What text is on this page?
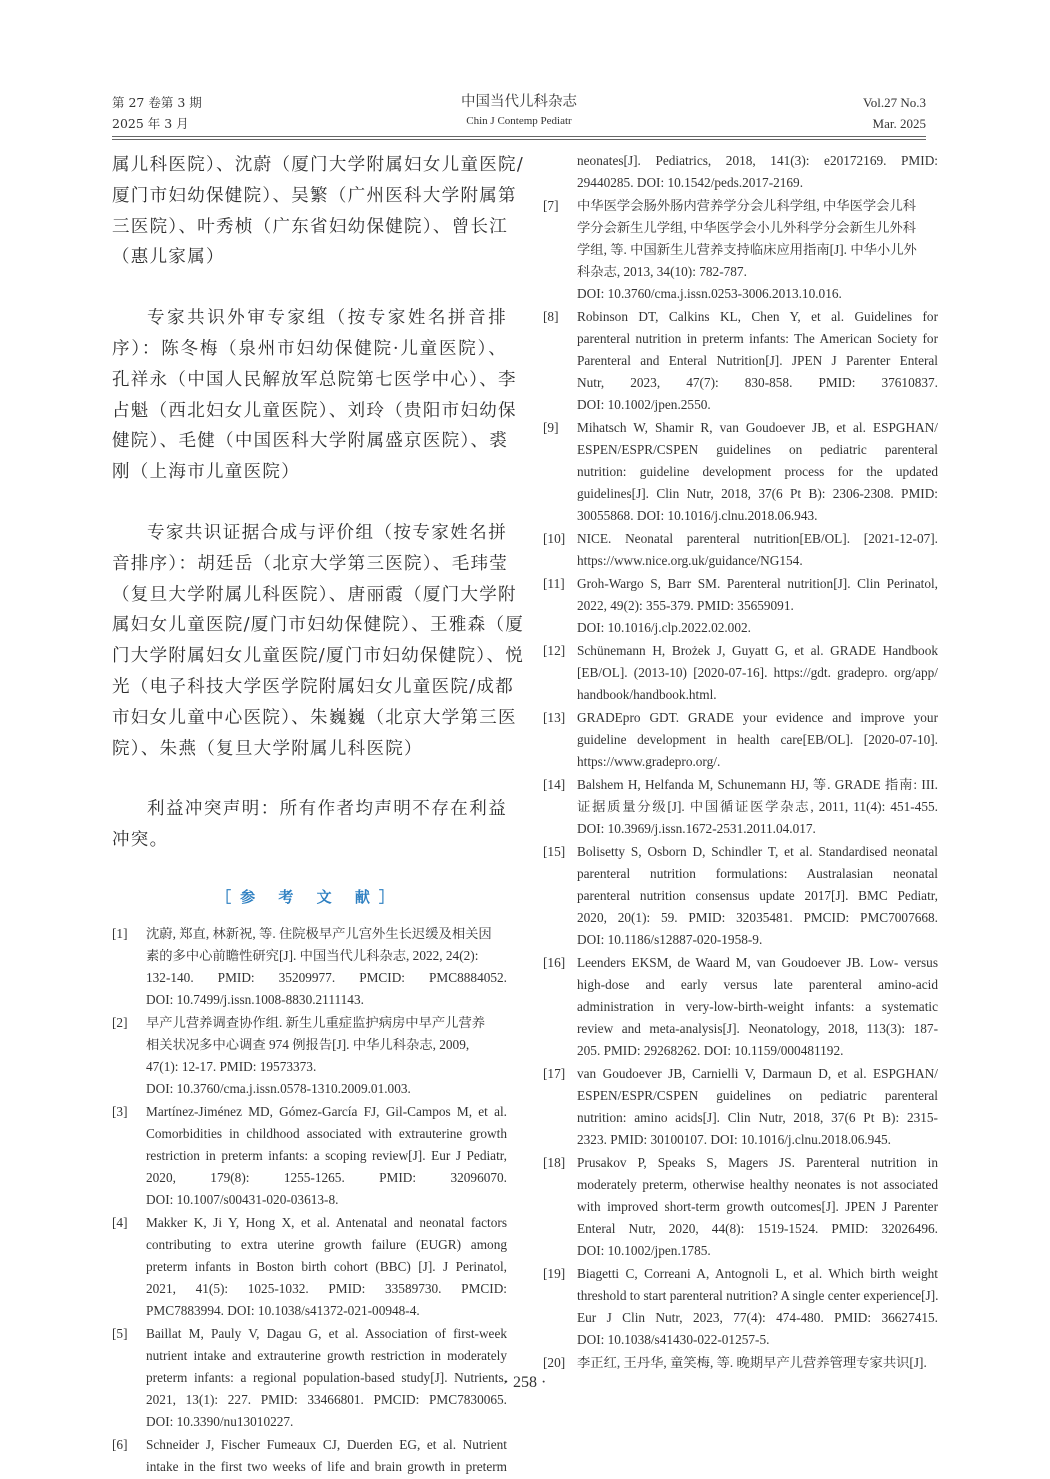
第 27 卷第 3 期
2025 年 3 月
中国当代儿科杂志
Chin J Contemp Pediatr
Vol.27 No.3
Mar. 2025
属儿科医院）、沈蔚（厦门大学附属妇女儿童医院/
厦门市妇幼保健院）、吴繁（广州医科大学附属第
三医院）、叶秀桢（广东省妇幼保健院）、曾长江
（惠儿家属）
专家共识外审专家组（按专家姓名拼音排
序）：陈冬梅（泉州市妇幼保健院·儿童医院）、
孔祥永（中国人民解放军总院第七医学中心）、李
占魁（西北妇女儿童医院）、刘玲（贵阳市妇幼保
健院）、毛健（中国医科大学附属盛京医院）、裘
刚（上海市儿童医院）
专家共识证据合成与评价组（按专家姓名拼
音排序）：胡廷岳（北京大学第三医院）、毛玮莹
（复旦大学附属儿科医院）、唐丽霞（厦门大学附
属妇女儿童医院/厦门市妇幼保健院）、王雅森（厦
门大学附属妇女儿童医院/厦门市妇幼保健院）、悦
光（电子科技大学医学院附属妇女儿童医院/成都
市妇女儿童中心医院）、朱巍巍（北京大学第三医
院）、朱燕（复旦大学附属儿科医院）
利益冲突声明：所有作者均声明不存在利益
冲突。
［参 考 文 献］
[1] 沈蔚, 郑直, 林新祝, 等. 住院极早产儿宫外生长迟缓及相关因
素的多中心前瞻性研究[J]. 中国当代儿科杂志, 2022, 24(2):
132-140. PMID: 35209977. PMCID: PMC8884052.
DOI: 10.7499/j.issn.1008-8830.2111143.
[2] 早产儿营养调查协作组. 新生儿重症监护病房中早产儿营养
相关状况多中心调查 974 例报告[J]. 中华儿科杂志, 2009,
47(1): 12-17. PMID: 19573373.
DOI: 10.3760/cma.j.issn.0578-1310.2009.01.003.
[3] Martínez-Jiménez MD, Gómez-García FJ, Gil-Campos M, et al.
Comorbidities in childhood associated with extrauterine growth
restriction in preterm infants: a scoping review[J]. Eur J Pediatr,
2020, 179(8): 1255-1265. PMID: 32096070.
DOI: 10.1007/s00431-020-03613-8.
[4] Makker K, Ji Y, Hong X, et al. Antenatal and neonatal factors
contributing to extra uterine growth failure (EUGR) among
preterm infants in Boston birth cohort (BBC) [J]. J Perinatol,
2021, 41(5): 1025-1032. PMID: 33589730. PMCID:
PMC7883994. DOI: 10.1038/s41372-021-00948-4.
[5] Baillat M, Pauly V, Dagau G, et al. Association of first-week
nutrient intake and extrauterine growth restriction in moderately
preterm infants: a regional population-based study[J]. Nutrients,
2021, 13(1): 227. PMID: 33466801. PMCID: PMC7830065.
DOI: 10.3390/nu13010227.
[6] Schneider J, Fischer Fumeaux CJ, Duerden EG, et al. Nutrient
intake in the first two weeks of life and brain growth in preterm
neonates[J]. Pediatrics, 2018, 141(3): e20172169. PMID:
29440285. DOI: 10.1542/peds.2017-2169.
[7] 中华医学会肠外肠内营养学分会儿科学组, 中华医学会儿科
学分会新生儿学组, 中华医学会小儿外科学分会新生儿外科
学组, 等. 中国新生儿营养支持临床应用指南[J]. 中华小儿外
科杂志, 2013, 34(10): 782-787.
DOI: 10.3760/cma.j.issn.0253-3006.2013.10.016.
[8] Robinson DT, Calkins KL, Chen Y, et al. Guidelines for
parenteral nutrition in preterm infants: The American Society for
Parenteral and Enteral Nutrition[J]. JPEN J Parenter Enteral
Nutr, 2023, 47(7): 830-858. PMID: 37610837.
DOI: 10.1002/jpen.2550.
[9] Mihatsch W, Shamir R, van Goudoever JB, et al. ESPGHAN/
ESPEN/ESPR/CSPEN guidelines on pediatric parenteral
nutrition: guideline development process for the updated
guidelines[J]. Clin Nutr, 2018, 37(6 Pt B): 2306-2308. PMID:
30055868. DOI: 10.1016/j.clnu.2018.06.943.
[10] NICE. Neonatal parenteral nutrition[EB/OL]. [2021-12-07].
https://www.nice.org.uk/guidance/NG154.
[11] Groh-Wargo S, Barr SM. Parenteral nutrition[J]. Clin Perinatol,
2022, 49(2): 355-379. PMID: 35659091.
DOI: 10.1016/j.clp.2022.02.002.
[12] Schünemann H, Brożek J, Guyatt G, et al. GRADE Handbook
[EB/OL]. (2013-10) [2020-07-16]. https://gdt. gradepro. org/app/
handbook/handbook.html.
[13] GRADEpro GDT. GRADE your evidence and improve your
guideline development in health care[EB/OL]. [2020-07-10].
https://www.gradepro.org/.
[14] Balshem H, Helfanda M, Schunemann HJ, 等. GRADE 指南: III.
证据质量分级[J]. 中国循证医学杂志, 2011, 11(4): 451-455.
DOI: 10.3969/j.issn.1672-2531.2011.04.017.
[15] Bolisetty S, Osborn D, Schindler T, et al. Standardised neonatal
parenteral nutrition formulations: Australasian neonatal
parenteral nutrition consensus update 2017[J]. BMC Pediatr,
2020, 20(1): 59. PMID: 32035481. PMCID: PMC7007668.
DOI: 10.1186/s12887-020-1958-9.
[16] Leenders EKSM, de Waard M, van Goudoever JB. Low- versus
high-dose and early versus late parenteral amino-acid
administration in very-low-birth-weight infants: a systematic
review and meta-analysis[J]. Neonatology, 2018, 113(3): 187-
205. PMID: 29268262. DOI: 10.1159/000481192.
[17] van Goudoever JB, Carnielli V, Darmaun D, et al. ESPGHAN/
ESPEN/ESPR/CSPEN guidelines on pediatric parenteral
nutrition: amino acids[J]. Clin Nutr, 2018, 37(6 Pt B): 2315-
2323. PMID: 30100107. DOI: 10.1016/j.clnu.2018.06.945.
[18] Prusakov P, Speaks S, Magers JS. Parenteral nutrition in
moderately preterm, otherwise healthy neonates is not associated
with improved short-term growth outcomes[J]. JPEN J Parenter
Enteral Nutr, 2020, 44(8): 1519-1524. PMID: 32026496.
DOI: 10.1002/jpen.1785.
[19] Biagetti C, Correani A, Antognoli L, et al. Which birth weight
threshold to start parenteral nutrition? A single center experience[J].
Eur J Clin Nutr, 2023, 77(4): 474-480. PMID: 36627415.
DOI: 10.1038/s41430-022-01257-5.
[20] 李正红, 王丹华, 童笑梅, 等. 晚期早产儿营养管理专家共识[J].
· 258 ·
